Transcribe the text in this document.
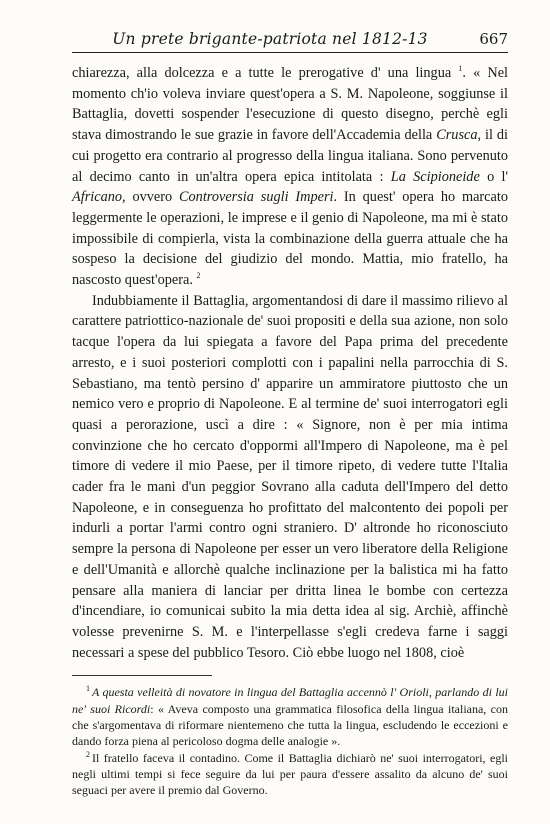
Un prete brigante-patriota nel 1812-13	667

chiarezza, alla dolcezza e a tutte le prerogative d' una lingua $^1$. « Nel momento ch'io voleva inviare quest'opera a S. M. Napoleone, soggiunse il Battaglia, dovetti sospender l'esecuzione di questo disegno, perchè egli stava dimostrando le sue grazie in favore dell'Accademia della Crusca, il di cui progetto era contrario al progresso della lingua italiana. Sono pervenuto al decimo canto in un'altra opera epica intitolata : La Scipioneide o l' Africano, ovvero Controversia sugli Imperi. In quest' opera ho marcato leggermente le operazioni, le imprese e il genio di Napoleone, ma mi è stato impossibile di compierla, vista la combinazione della guerra attuale che ha sospeso la decisione del giudizio del mondo. Mattia, mio fratello, ha nascosto quest'opera. $^2$

Indubbiamente il Battaglia, argomentandosi di dare il massimo rilievo al carattere patriottico-nazionale de' suoi propositi e della sua azione, non solo tacque l'opera da lui spiegata a favore del Papa prima del precedente arresto, e i suoi posteriori complotti con i papalini nella parrocchia di S. Sebastiano, ma tentò persino d' apparire un ammiratore piuttosto che un nemico vero e proprio di Napoleone. E al termine de' suoi interrogatori egli quasi a perorazione, uscì a dire : « Signore, non è per mia intima convinzione che ho cercato d'oppormi all'Impero di Napoleone, ma è pel timore di vedere il mio Paese, per il timore ripeto, di vedere tutte l'Italia cader fra le mani d'un peggior Sovrano alla caduta dell'Impero del detto Napoleone, e in conseguenza ho profittato del malcontento dei popoli per indurli a portar l'armi contro ogni straniero. D' altronde ho riconosciuto sempre la persona di Napoleone per esser un vero liberatore della Religione e dell'Umanità e allorchè qualche inclinazione per la balistica mi ha fatto pensare alla maniera di lanciar per dritta linea le bombe con certezza d'incendiare, io comunicai subito la mia detta idea al sig. Archiè, affinchè volesse prevenirne S. M. e l'interpellasse s'egli credeva farne i saggi necessari a spese del pubblico Tesoro. Ciò ebbe luogo nel 1808, cioè

$^1$ A questa velleità di novatore in lingua del Battaglia accennò l' Orioli, parlando di lui ne' suoi Ricordi: « Aveva composto una grammatica filosofica della lingua italiana, con che s'argomentava di riformare nientemeno che tutta la lingua, escludendo le eccezioni e dando forza piena al pericoloso dogma delle analogie ».

$^2$ Il fratello faceva il contadino. Come il Battaglia dichiarò ne' suoi interrogatori, egli negli ultimi tempi si fece seguire da lui per paura d'essere assalito da alcuno de' suoi seguaci per avere il premio dal Governo.
